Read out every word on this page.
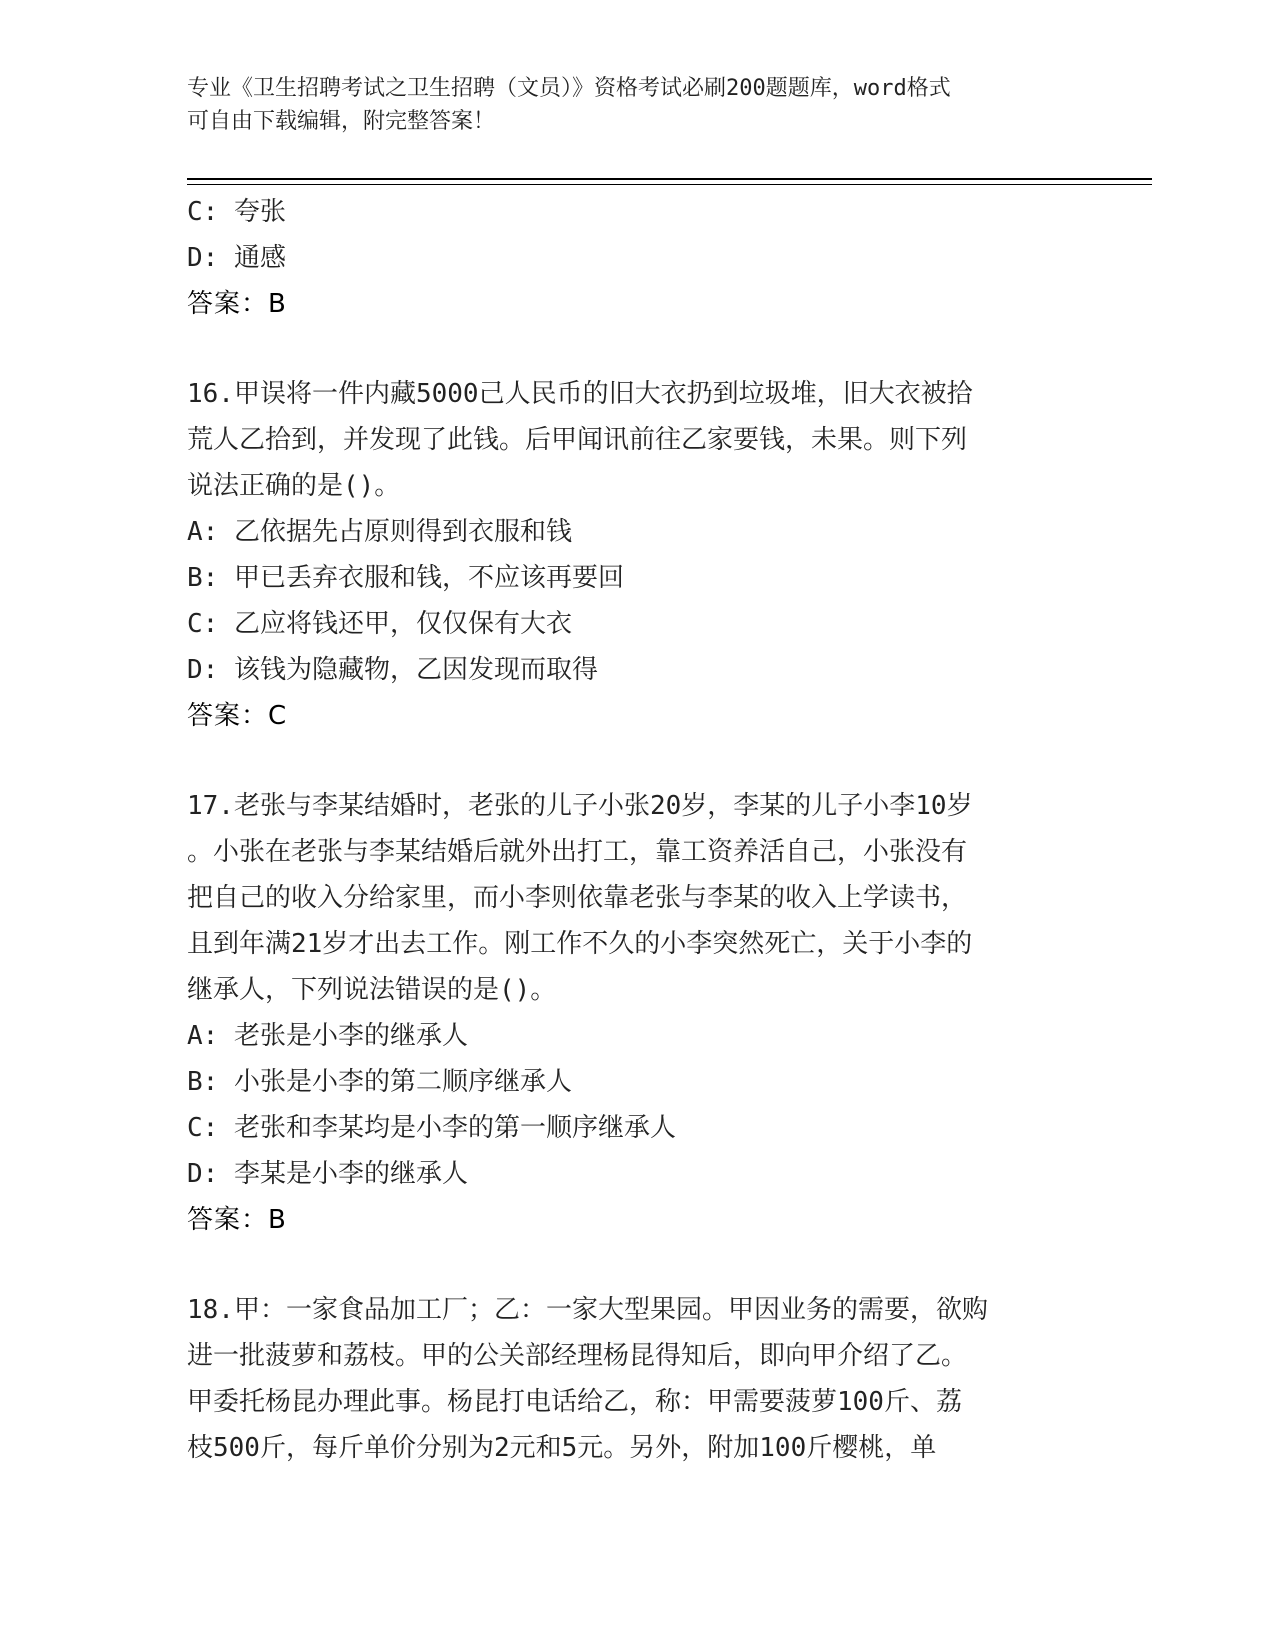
专业《卫生招聘考试之卫生招聘（文员）》资格考试必刷200题题库，word格式
可自由下载编辑，附完整答案！
C: 夸张
D: 通感
答案：B
16.甲误将一件内藏5000己人民币的旧大衣扔到垃圾堆，旧大衣被拾
荒人乙拾到，并发现了此钱。后甲闻讯前往乙家要钱，未果。则下列
说法正确的是()。
A: 乙依据先占原则得到衣服和钱
B: 甲已丢弃衣服和钱，不应该再要回
C: 乙应将钱还甲，仅仅保有大衣
D: 该钱为隐藏物，乙因发现而取得
答案：C
17.老张与李某结婚时，老张的儿子小张20岁，李某的儿子小李10岁
。小张在老张与李某结婚后就外出打工，靠工资养活自己，小张没有
把自己的收入分给家里，而小李则依靠老张与李某的收入上学读书，
且到年满21岁才出去工作。刚工作不久的小李突然死亡，关于小李的
继承人，下列说法错误的是()。
A: 老张是小李的继承人
B: 小张是小李的第二顺序继承人
C: 老张和李某均是小李的第一顺序继承人
D: 李某是小李的继承人
答案：B
18.甲：一家食品加工厂；乙：一家大型果园。甲因业务的需要，欲购
进一批菠萝和荔枝。甲的公关部经理杨昆得知后，即向甲介绍了乙。
甲委托杨昆办理此事。杨昆打电话给乙，称：甲需要菠萝100斤、荔
枝500斤，每斤单价分别为2元和5元。另外，附加100斤樱桃，单
